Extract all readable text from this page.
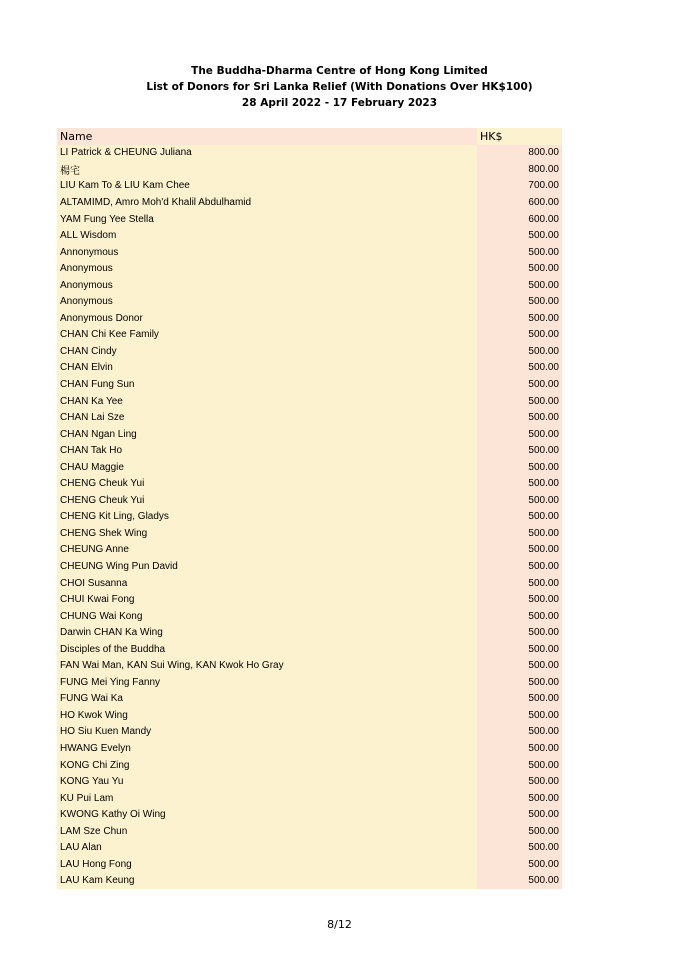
The Buddha-Dharma Centre of Hong Kong Limited
List of Donors for Sri Lanka Relief (With Donations Over HK$100)
28 April 2022 - 17 February 2023
Name	HK$
LI Patrick & CHEUNG Juliana	800.00
楊宅	800.00
LIU Kam To & LIU Kam Chee	700.00
ALTAMIMD, Amro Moh'd Khalil Abdulhamid	600.00
YAM Fung Yee Stella	600.00
ALL Wisdom	500.00
Annonymous	500.00
Anonymous	500.00
Anonymous	500.00
Anonymous	500.00
Anonymous Donor	500.00
CHAN Chi Kee Family	500.00
CHAN Cindy	500.00
CHAN Elvin	500.00
CHAN Fung Sun	500.00
CHAN Ka Yee	500.00
CHAN Lai Sze	500.00
CHAN Ngan Ling	500.00
CHAN Tak Ho	500.00
CHAU Maggie	500.00
CHENG Cheuk Yui	500.00
CHENG Cheuk Yui	500.00
CHENG Kit Ling, Gladys	500.00
CHENG Shek Wing	500.00
CHEUNG Anne	500.00
CHEUNG Wing Pun David	500.00
CHOI Susanna	500.00
CHUI Kwai Fong	500.00
CHUNG Wai Kong	500.00
Darwin CHAN Ka Wing	500.00
Disciples of the Buddha	500.00
FAN Wai Man, KAN Sui Wing, KAN Kwok Ho Gray	500.00
FUNG Mei Ying Fanny	500.00
FUNG Wai Ka	500.00
HO Kwok Wing	500.00
HO Siu Kuen Mandy	500.00
HWANG Evelyn	500.00
KONG Chi Zing	500.00
KONG Yau Yu	500.00
KU Pui Lam	500.00
KWONG Kathy Oi Wing	500.00
LAM Sze Chun	500.00
LAU Alan	500.00
LAU Hong Fong	500.00
LAU Kam Keung	500.00
8/12
